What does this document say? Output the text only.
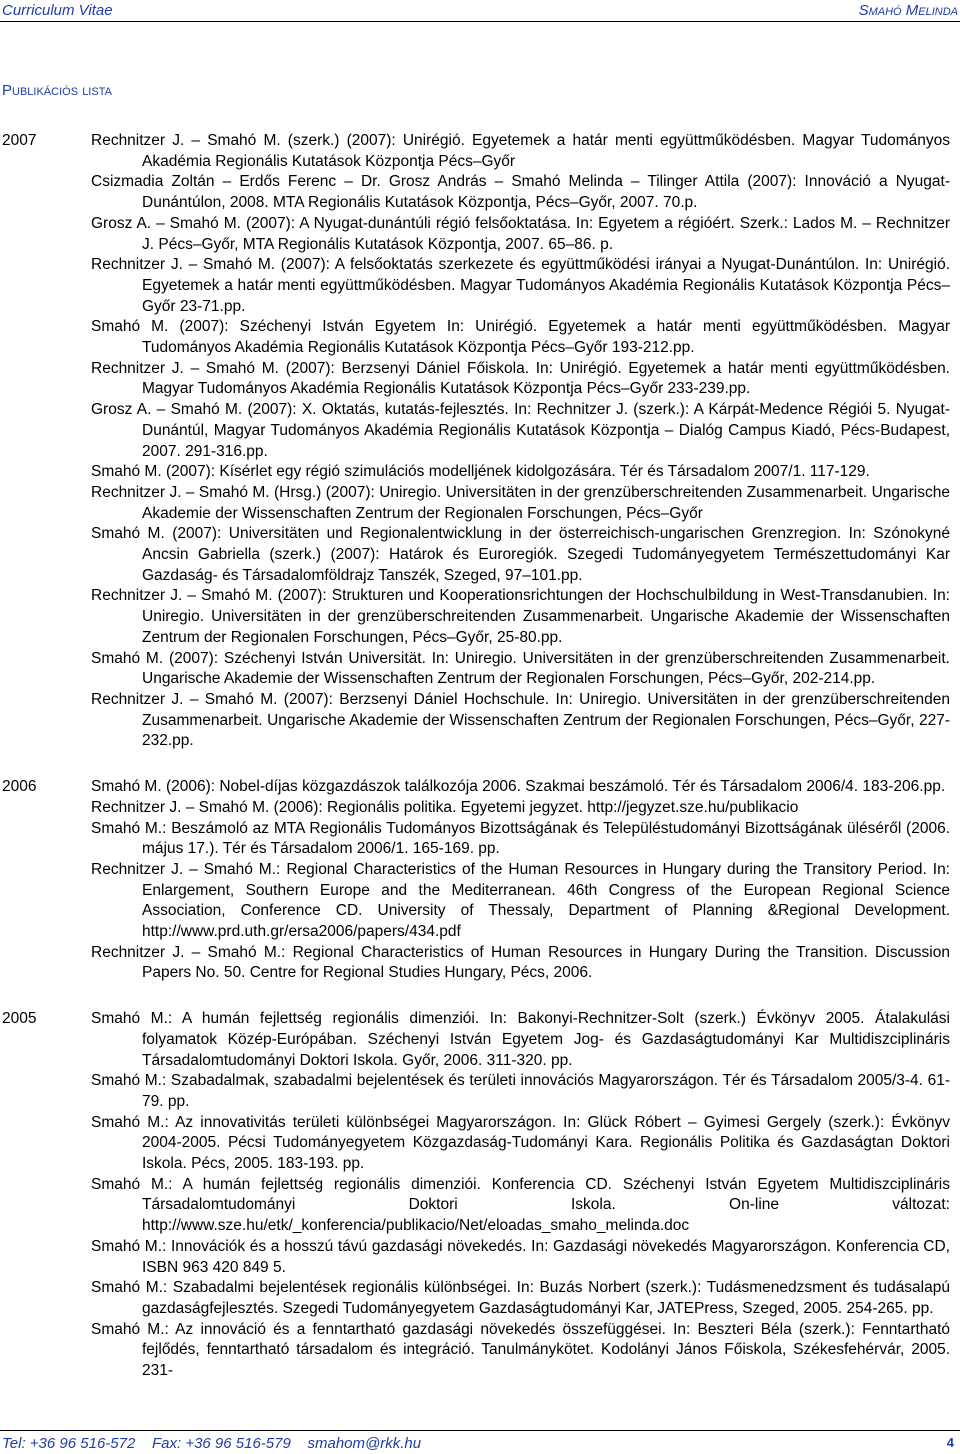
Curriculum Vitae	Smahó Melinda
Publikációs lista
2007	Rechnitzer J. – Smahó M. (szerk.) (2007): Unirégió. Egyetemek a határ menti együttműködésben. Magyar Tudományos Akadémia Regionális Kutatások Központja Pécs–Győr
Csizmadia Zoltán – Erdős Ferenc – Dr. Grosz András – Smahó Melinda – Tilinger Attila (2007): Innováció a Nyugat-Dunántúlon, 2008. MTA Regionális Kutatások Központja, Pécs–Győr, 2007. 70.p.
Grosz A. – Smahó M. (2007): A Nyugat-dunántúli régió felsőoktatása. In: Egyetem a régióért. Szerk.: Lados M. – Rechnitzer J. Pécs–Győr, MTA Regionális Kutatások Központja, 2007. 65–86. p.
Rechnitzer J. – Smahó M. (2007): A felsőoktatás szerkezete és együttműködési irányai a Nyugat-Dunántúlon. In: Unirégió. Egyetemek a határ menti együttműködésben. Magyar Tudományos Akadémia Regionális Kutatások Központja Pécs–Győr 23-71.pp.
Smahó M. (2007): Széchenyi István Egyetem In: Unirégió. Egyetemek a határ menti együttműködésben. Magyar Tudományos Akadémia Regionális Kutatások Központja Pécs–Győr 193-212.pp.
Rechnitzer J. – Smahó M. (2007): Berzsenyi Dániel Főiskola. In: Unirégió. Egyetemek a határ menti együttműködésben. Magyar Tudományos Akadémia Regionális Kutatások Központja Pécs–Győr 233-239.pp.
Grosz A. – Smahó M. (2007): X. Oktatás, kutatás-fejlesztés. In: Rechnitzer J. (szerk.): A Kárpát-Medence Régiói 5. Nyugat-Dunántúl, Magyar Tudományos Akadémia Regionális Kutatások Központja – Dialóg Campus Kiadó, Pécs-Budapest, 2007. 291-316.pp.
Smahó M. (2007): Kísérlet egy régió szimulációs modelljének kidolgozására. Tér és Társadalom 2007/1. 117-129.
Rechnitzer J. – Smahó M. (Hrsg.) (2007): Uniregio. Universitäten in der grenzüberschreitenden Zusammenarbeit. Ungarische Akademie der Wissenschaften Zentrum der Regionalen Forschungen, Pécs–Győr
Smahó M. (2007): Universitäten und Regionalentwicklung in der österreichisch-ungarischen Grenzregion. In: Szónokyné Ancsin Gabriella (szerk.) (2007): Határok és Euroregiók. Szegedi Tudományegyetem Természettudományi Kar Gazdaság- és Társadalomföldrajz Tanszék, Szeged, 97–101.pp.
Rechnitzer J. – Smahó M. (2007): Strukturen und Kooperationsrichtungen der Hochschulbildung in West-Transdanubien. In: Uniregio. Universitäten in der grenzüberschreitenden Zusammenarbeit. Ungarische Akademie der Wissenschaften Zentrum der Regionalen Forschungen, Pécs–Győr, 25-80.pp.
Smahó M. (2007): Széchenyi István Universität. In: Uniregio. Universitäten in der grenzüberschreitenden Zusammenarbeit. Ungarische Akademie der Wissenschaften Zentrum der Regionalen Forschungen, Pécs–Győr, 202-214.pp.
Rechnitzer J. – Smahó M. (2007): Berzsenyi Dániel Hochschule. In: Uniregio. Universitäten in der grenzüberschreitenden Zusammenarbeit. Ungarische Akademie der Wissenschaften Zentrum der Regionalen Forschungen, Pécs–Győr, 227-232.pp.
2006	Smahó M. (2006): Nobel-díjas közgazdászok találkozója 2006. Szakmai beszámoló. Tér és Társadalom 2006/4. 183-206.pp.
Rechnitzer J. – Smahó M. (2006): Regionális politika. Egyetemi jegyzet. http://jegyzet.sze.hu/publikacio
Smahó M.: Beszámoló az MTA Regionális Tudományos Bizottságának és Településtudományi Bizottságának üléséről (2006. május 17.). Tér és Társadalom 2006/1. 165-169. pp.
Rechnitzer J. – Smahó M.: Regional Characteristics of the Human Resources in Hungary during the Transitory Period. In: Enlargement, Southern Europe and the Mediterranean. 46th Congress of the European Regional Science Association, Conference CD. University of Thessaly, Department of Planning &Regional Development. http://www.prd.uth.gr/ersa2006/papers/434.pdf
Rechnitzer J. – Smahó M.: Regional Characteristics of Human Resources in Hungary During the Transition. Discussion Papers No. 50. Centre for Regional Studies Hungary, Pécs, 2006.
2005	Smahó M.: A humán fejlettség regionális dimenziói. In: Bakonyi-Rechnitzer-Solt (szerk.) Évkönyv 2005. Átalakulási folyamatok Közép-Európában. Széchenyi István Egyetem Jog- és Gazdaságtudományi Kar Multidiszciplináris Társadalomtudományi Doktori Iskola. Győr, 2006. 311-320. pp.
Smahó M.: Szabadalmak, szabadalmi bejelentések és területi innovációs Magyarországon. Tér és Társadalom 2005/3-4. 61-79. pp.
Smahó M.: Az innovativitás területi különbségei Magyarországon. In: Glück Róbert – Gyimesi Gergely (szerk.): Évkönyv 2004-2005. Pécsi Tudományegyetem Közgazdaság-Tudományi Kara. Regionális Politika és Gazdaságtan Doktori Iskola. Pécs, 2005. 183-193. pp.
Smahó M.: A humán fejlettség regionális dimenziói. Konferencia CD. Széchenyi István Egyetem Multidiszciplináris Társadalomtudományi Doktori Iskola. On-line változat: http://www.sze.hu/etk/_konferencia/publikacio/Net/eloadas_smaho_melinda.doc
Smahó M.: Innovációk és a hosszú távú gazdasági növekedés. In: Gazdasági növekedés Magyarországon. Konferencia CD, ISBN 963 420 849 5.
Smahó M.: Szabadalmi bejelentések regionális különbségei. In: Buzás Norbert (szerk.): Tudásmenedzsment és tudásalapú gazdaságfejlesztés. Szegedi Tudományegyetem Gazdaságtudományi Kar, JATEPress, Szeged, 2005. 254-265. pp.
Smahó M.: Az innováció és a fenntartható gazdasági növekedés összefüggései. In: Beszteri Béla (szerk.): Fenntartható fejlődés, fenntartható társadalom és integráció. Tanulmánykötet. Kodolányi János Főiskola, Székesfehérvár, 2005. 231-
Tel: +36 96 516-572    Fax: +36 96 516-579    smahom@rkk.hu	4
